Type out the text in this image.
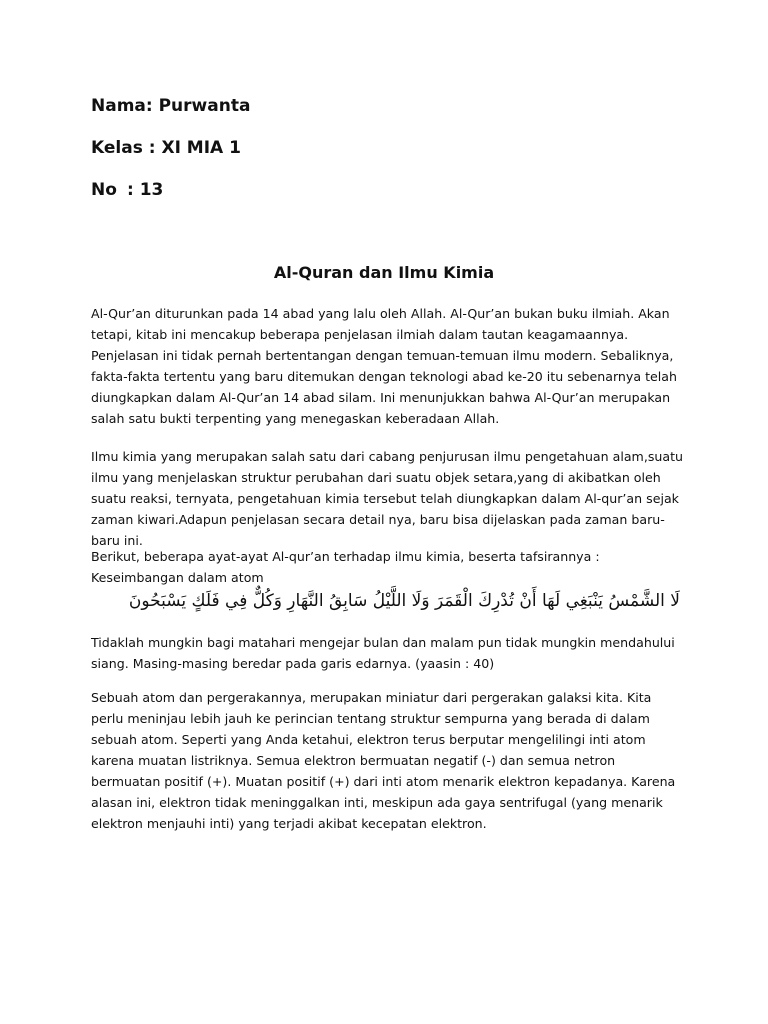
Nama: Purwanta
Kelas : XI MIA 1
No : 13
Al-Quran dan Ilmu Kimia
Al-Qur’an diturunkan pada 14 abad yang lalu oleh Allah. Al-Qur’an bukan buku ilmiah. Akan tetapi, kitab ini mencakup beberapa penjelasan ilmiah dalam tautan keagamaannya. Penjelasan ini tidak pernah bertentangan dengan temuan-temuan ilmu modern. Sebaliknya, fakta-fakta tertentu yang baru ditemukan dengan teknologi abad ke-20 itu sebenarnya telah diungkapkan dalam Al-Qur’an 14 abad silam. Ini menunjukkan bahwa Al-Qur’an merupakan salah satu bukti terpenting yang menegaskan keberadaan Allah.
Ilmu kimia yang merupakan salah satu dari cabang penjurusan ilmu pengetahuan alam,suatu ilmu yang menjelaskan struktur perubahan dari suatu objek setara,yang di akibatkan oleh suatu reaksi, ternyata, pengetahuan kimia tersebut telah diungkapkan dalam Al-qur’an sejak zaman kiwari.Adapun penjelasan secara detail nya, baru bisa dijelaskan pada zaman baru-baru ini.
Berikut, beberapa ayat-ayat Al-qur’an terhadap ilmu kimia, beserta tafsirannya :
Keseimbangan dalam atom
لَا الشَّمْسُ يَنْبَغِي لَهَا أَنْ تُدْرِكَ الْقَمَرَ وَلَا اللَّيْلُ سَابِقُ النَّهَارِ وَكُلٌّ فِي فَلَكٍ يَسْبَحُونَ
Tidaklah mungkin bagi matahari mengejar bulan dan malam pun tidak mungkin mendahului siang. Masing-masing beredar pada garis edarnya. (yaasin : 40)
Sebuah atom dan pergerakannya, merupakan miniatur dari pergerakan galaksi kita. Kita perlu meninjau lebih jauh ke perincian tentang struktur sempurna yang berada di dalam sebuah atom. Seperti yang Anda ketahui, elektron terus berputar mengelilingi inti atom karena muatan listriknya. Semua elektron bermuatan negatif (-) dan semua netron bermuatan positif (+). Muatan positif (+) dari inti atom menarik elektron kepadanya. Karena alasan ini, elektron tidak meninggalkan inti, meskipun ada gaya sentrifugal (yang menarik elektron menjauhi inti) yang terjadi akibat kecepatan elektron.
